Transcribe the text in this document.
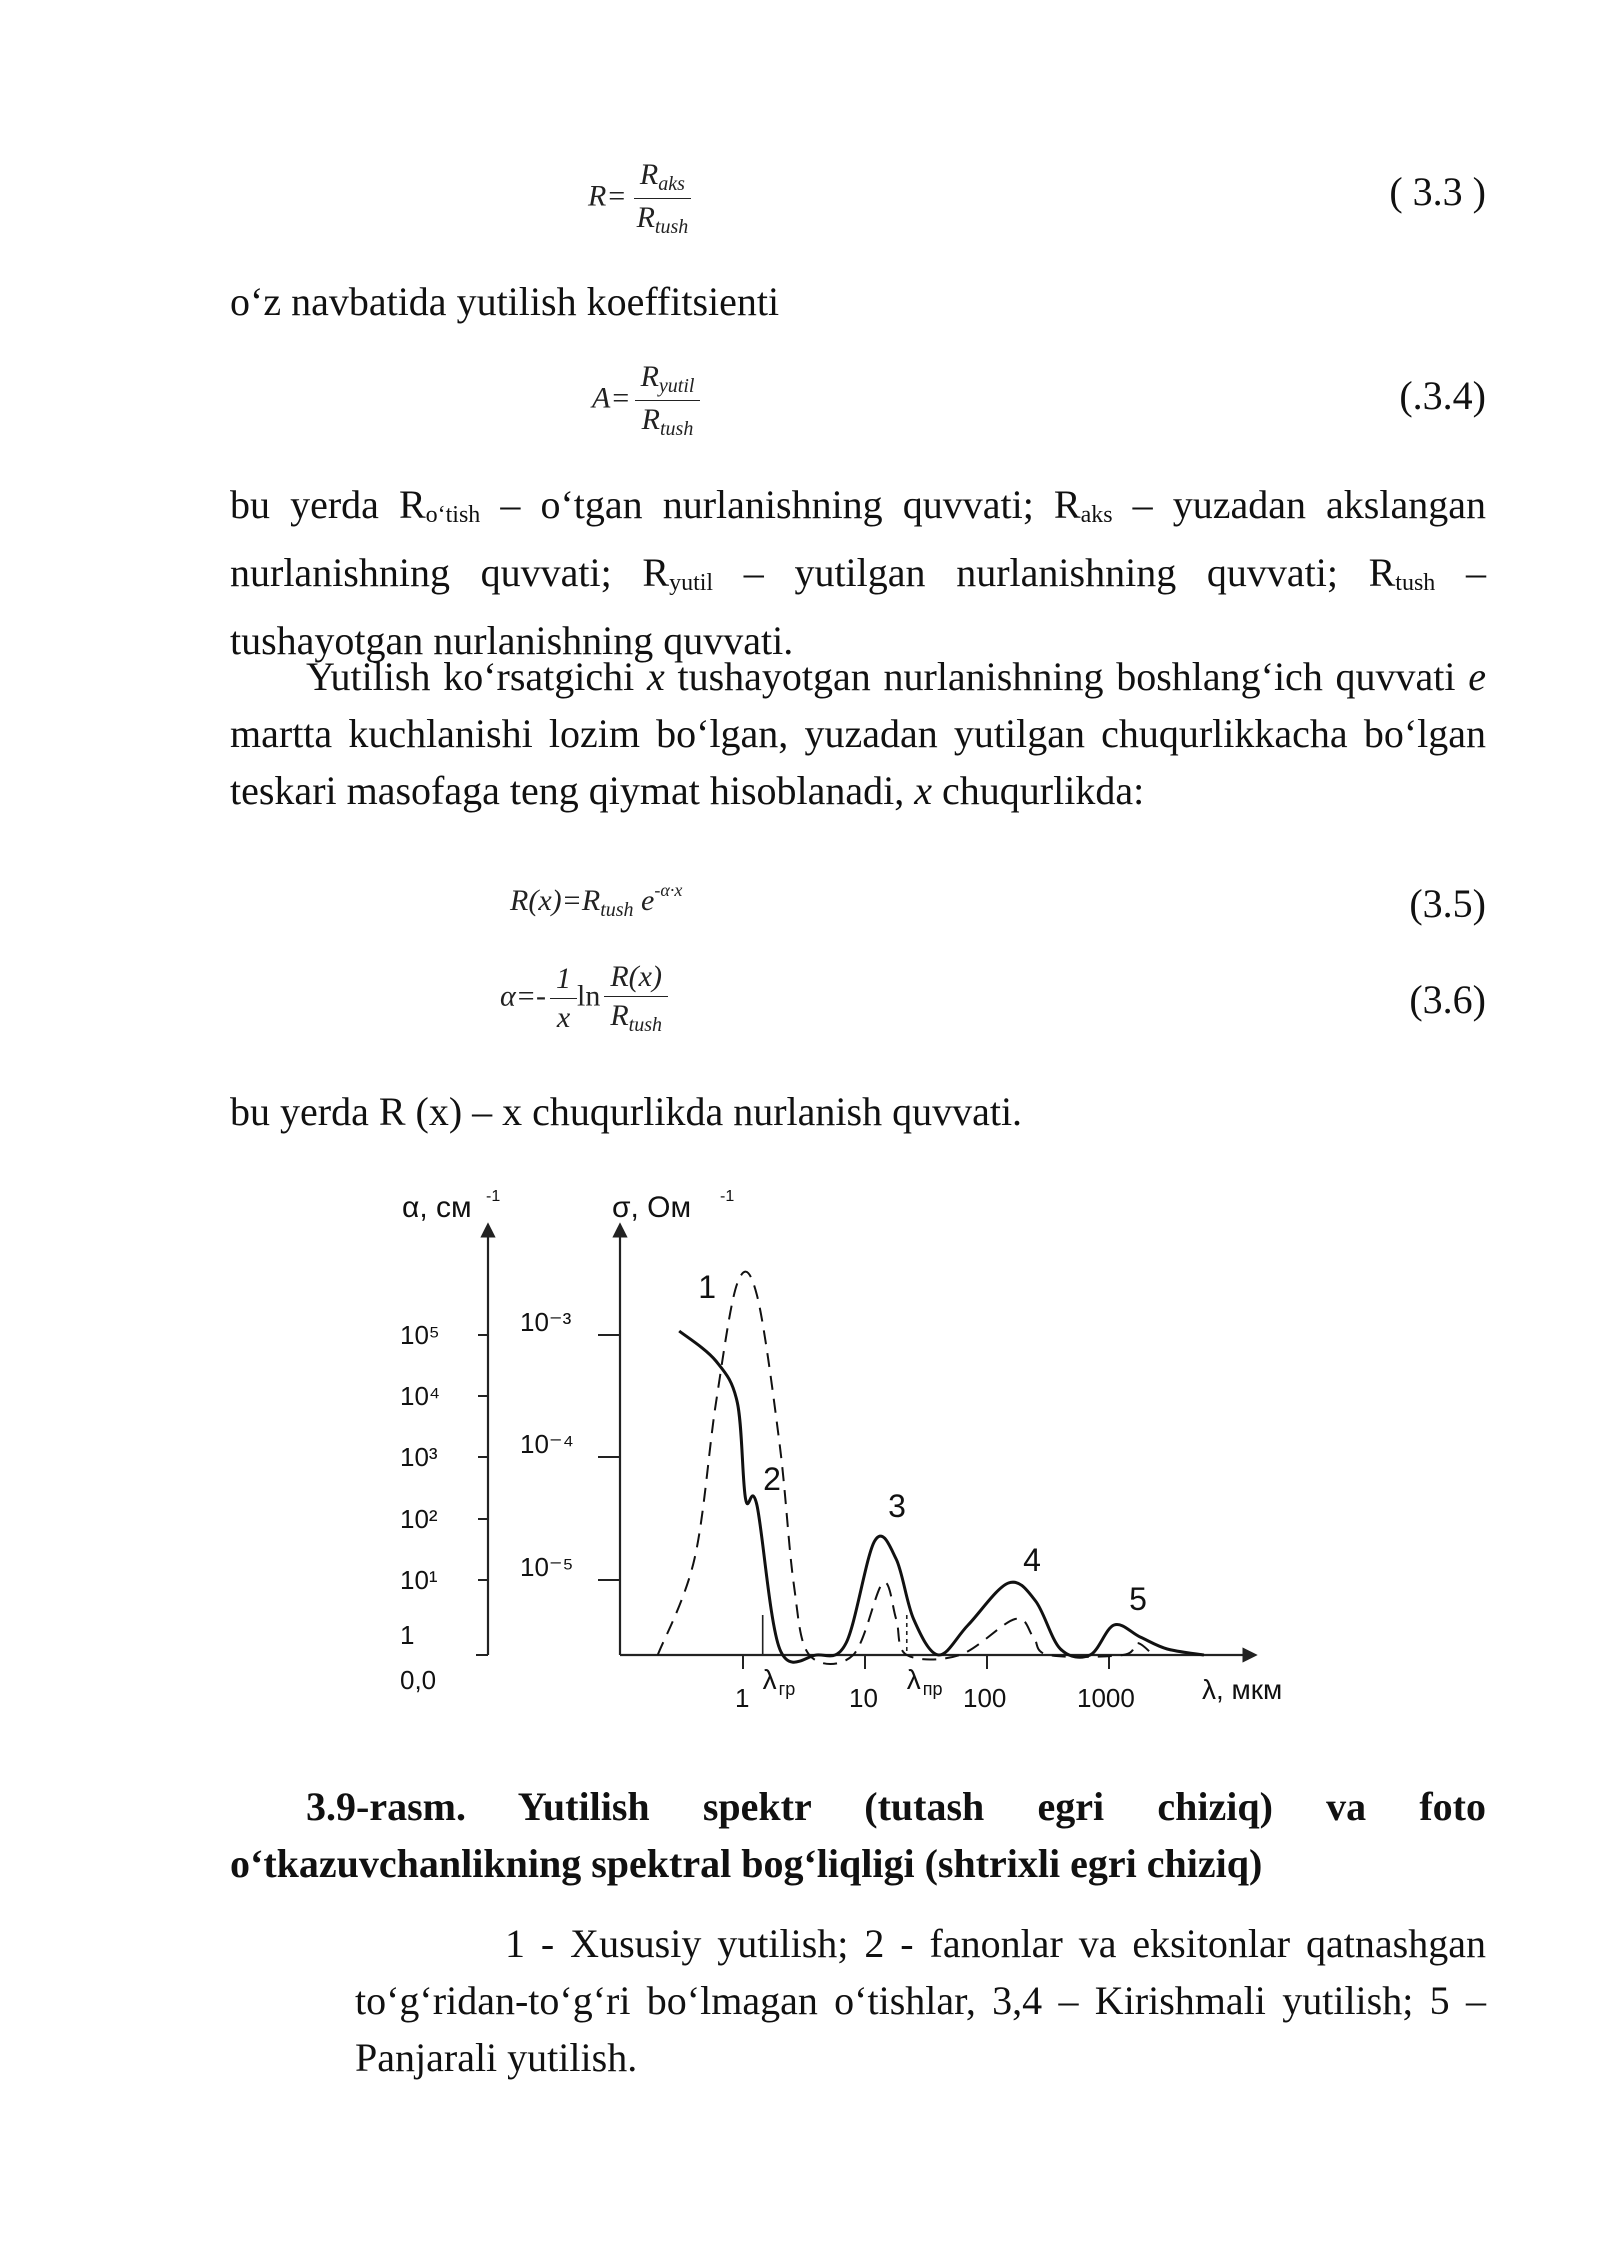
$R= \frac{R_{aks}}{R_{tush}}$	( 3.3 )
o‘z navbatida yutilish koeffitsienti
$A= \frac{R_{yutil}}{R_{tush}}$	(.3.4)
bu yerda Ro‘tish – o‘tgan nurlanishning quvvati; Raks – yuzadan akslangan nurlanishning quvvati; Ryutil – yutilgan nurlanishning quvvati; Rtush – tushayotgan nurlanishning quvvati.
Yutilish ko‘rsatgichi x tushayotgan nurlanishning boshlang‘ich quvvati e martta kuchlanishi lozim bo‘lgan, yuzadan yutilgan chuqurlikkacha bo‘lgan teskari masofaga teng qiymat hisoblanadi, x chuqurlikda:
$R(x)=R_{tush}$ $e^{-\alpha\cdot x}$	(3.5)
$\alpha=- \frac{1}{x}$ $\ln \frac{R(x)}{R_{tush}}$	(3.6)
bu yerda R (x) – x chuqurlikda nurlanish quvvati.
α, см -1	σ, Ом -1
10⁵
10⁴
10³
10²
10¹
1
0,0
10⁻³
10⁻⁴
10⁻⁵
1	10	100	1000 λ, мкм
λ гр	λ пр
1
2
3
4
5
3.9-rasm. Yutilish spektr (tutash egri chiziq) va foto o‘tkazuvchanlikning spektral bog‘liqligi (shtrixli egri chiziq)
1 - Xususiy yutilish; 2 - fanonlar va eksitonlar qatnashgan to‘g‘ridan-to‘g‘ri bo‘lmagan o‘tishlar, 3,4 – Kirishmali yutilish; 5 – Panjarali yutilish.
